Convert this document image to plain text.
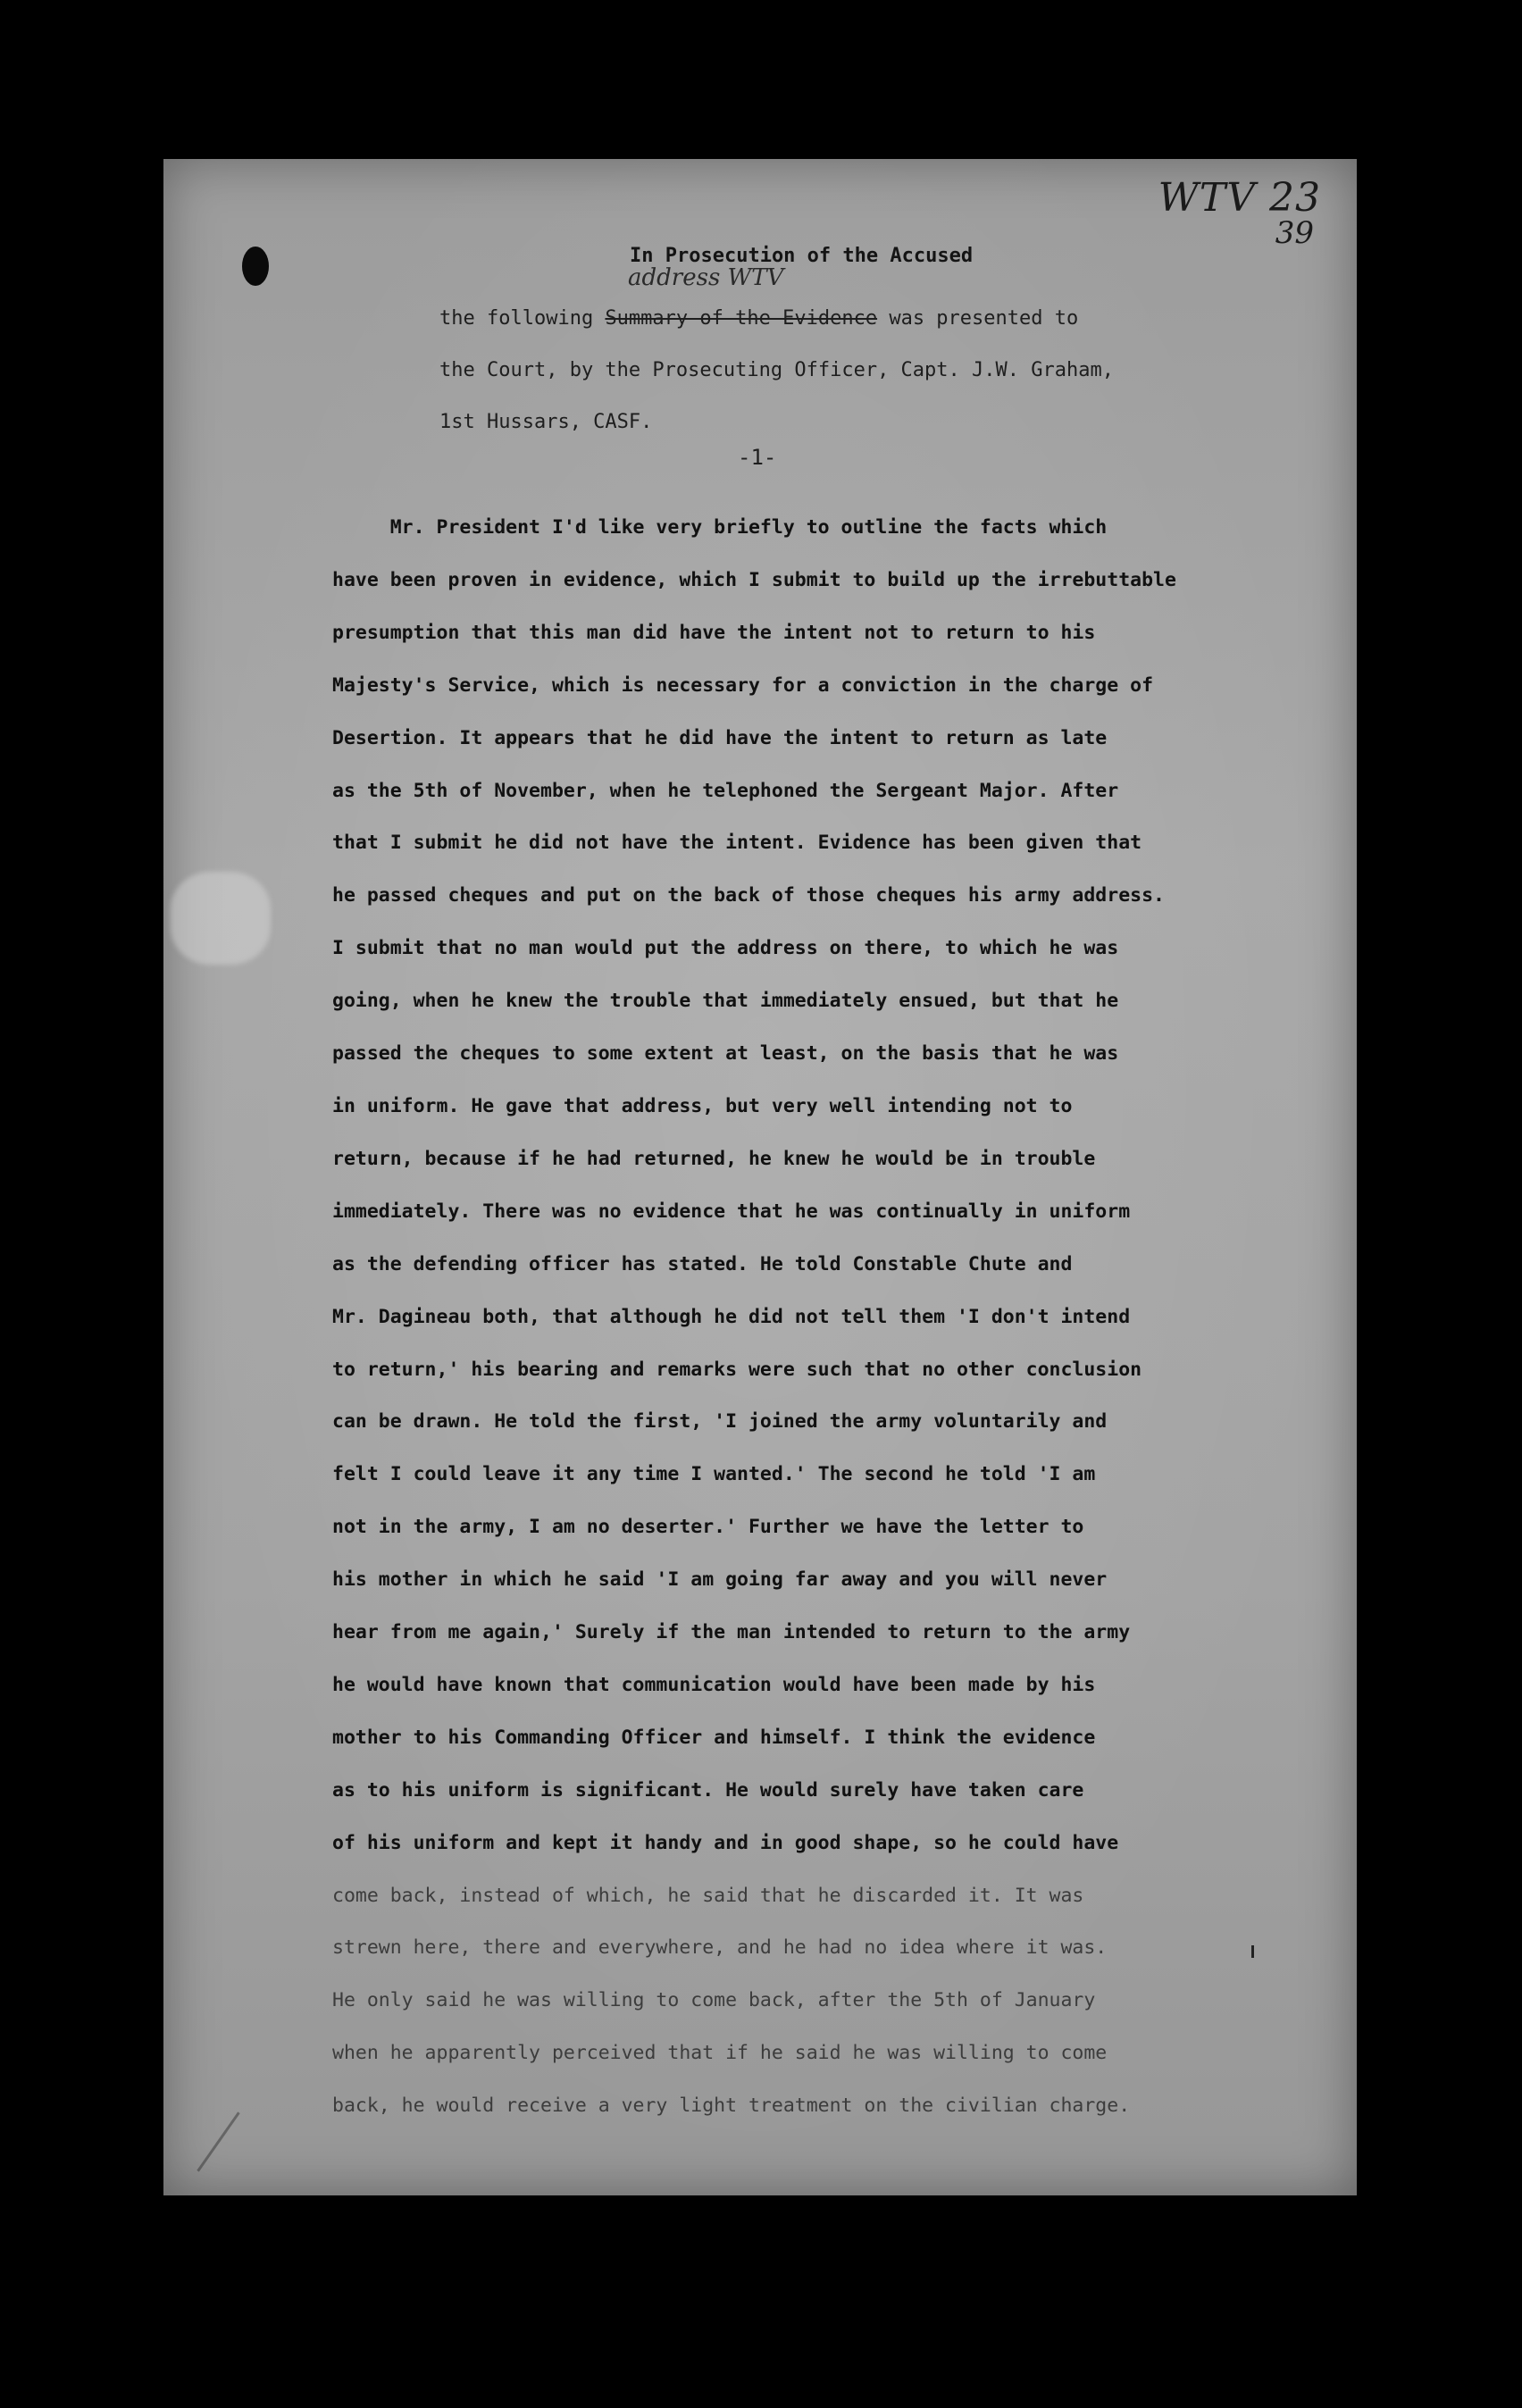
WTV 23
39
In Prosecution of the Accused
address WTV
the following Summary of the Evidence was presented to
the Court, by the Prosecuting Officer, Capt. J.W. Graham,
1st Hussars, CASF.
-1-
Mr. President I'd like very briefly to outline the facts which
have been proven in evidence, which I submit to build up the irrebuttable
presumption that this man did have the intent not to return to his
Majesty's Service, which is necessary for a conviction in the charge of
Desertion. It appears that he did have the intent to return as late
as the 5th of November, when he telephoned the Sergeant Major. After
that I submit he did not have the intent. Evidence has been given that
he passed cheques and put on the back of those cheques his army address.
I submit that no man would put the address on there, to which he was
going, when he knew the trouble that immediately ensued, but that he
passed the cheques to some extent at least, on the basis that he was
in uniform. He gave that address, but very well intending not to
return, because if he had returned, he knew he would be in trouble
immediately. There was no evidence that he was continually in uniform
as the defending officer has stated. He told Constable Chute and
Mr. Dagineau both, that although he did not tell them 'I don't intend
to return,' his bearing and remarks were such that no other conclusion
can be drawn. He told the first, 'I joined the army voluntarily and
felt I could leave it any time I wanted.' The second he told 'I am
not in the army, I am no deserter.' Further we have the letter to
his mother in which he said 'I am going far away and you will never
hear from me again,' Surely if the man intended to return to the army
he would have known that communication would have been made by his
mother to his Commanding Officer and himself. I think the evidence
as to his uniform is significant. He would surely have taken care
of his uniform and kept it handy and in good shape, so he could have
come back, instead of which, he said that he discarded it. It was
strewn here, there and everywhere, and he had no idea where it was.
He only said he was willing to come back, after the 5th of January
when he apparently perceived that if he said he was willing to come
back, he would receive a very light treatment on the civilian charge.
